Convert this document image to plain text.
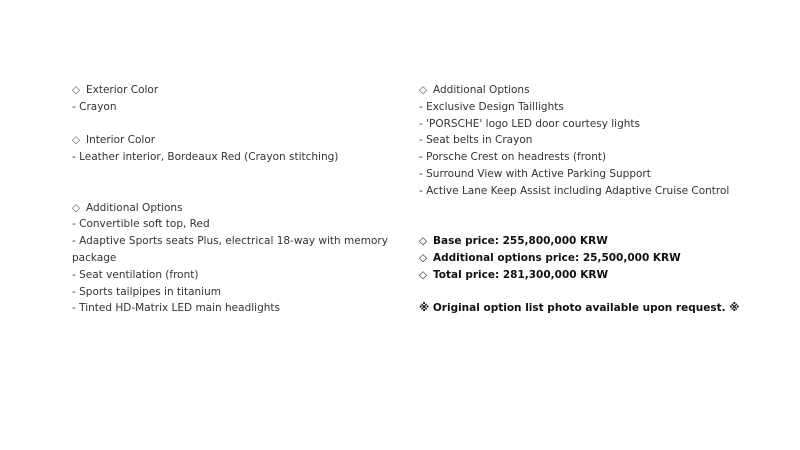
◇ Exterior Color
- Crayon
◇ Interior Color
- Leather interior, Bordeaux Red (Crayon stitching)
◇ Additional Options
- Convertible soft top, Red
- Adaptive Sports seats Plus, electrical 18-way with memory package
- Seat ventilation (front)
- Sports tailpipes in titanium
- Tinted HD-Matrix LED main headlights
◇ Additional Options
- Exclusive Design Taillights
- 'PORSCHE' logo LED door courtesy lights
- Seat belts in Crayon
- Porsche Crest on headrests (front)
- Surround View with Active Parking Support
- Active Lane Keep Assist including Adaptive Cruise Control
◇ Base price: 255,800,000 KRW
◇ Additional options price: 25,500,000 KRW
◇ Total price: 281,300,000 KRW
※ Original option list photo available upon request. ※
